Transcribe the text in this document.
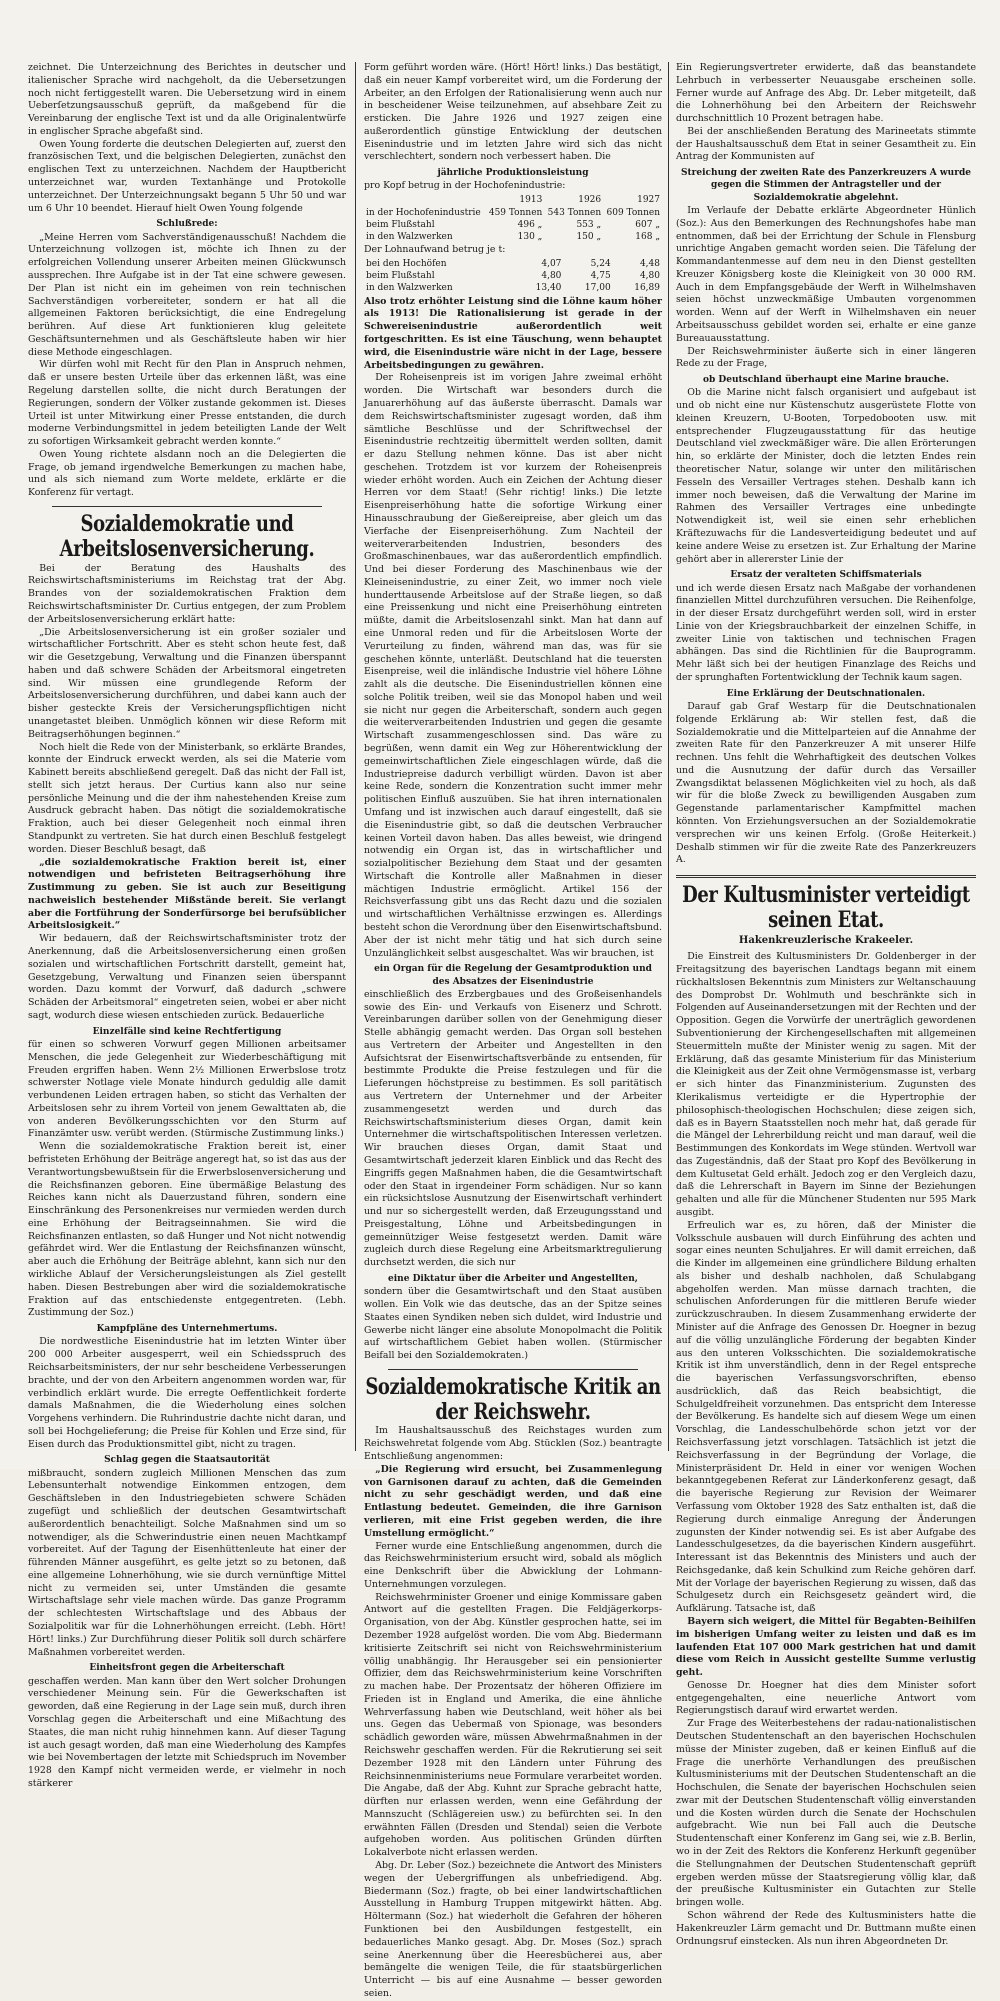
zeichnet. Die Unterzeichnung des Berichtes in deutscher und italienischer Sprache wird nachgeholt, da die Uebersetzungen noch nicht fertiggestellt waren. Die Uebersetzung wird in einem Ueberſetzungsausschuß geprüft, da maßgebend für die Vereinbarung der englische Text ist und da alle Originalentwürfe in englischer Sprache abgefaßt sind.

Owen Young forderte die deutschen Delegierten auf, zuerst den französischen Text, und die belgischen Delegierten, zunächst den englischen Text zu unterzeichnen. Nachdem der Hauptbericht unterzeichnet war, wurden Textanhänge und Protokolle unterzeichnet. Der Unterzeichnungsakt begann 5 Uhr 50 und war um 6 Uhr 10 beendet. Hierauf hielt Owen Young folgende

Schlußrede:

„Meine Herren vom Sachverständigenausschuß! Nachdem die Unterzeichnung vollzogen ist, möchte ich Ihnen zu der erfolgreichen Vollendung unserer Arbeiten meinen Glückwunsch aussprechen. Ihre Aufgabe ist in der Tat eine schwere gewesen. Der Plan ist nicht ein im geheimen von rein technischen Sachverständigen vorbereiteter, sondern er hat all die allgemeinen Faktoren berücksichtigt, die eine Endregelung berühren. Auf diese Art funktionieren klug geleitete Geschäftsunternehmen und als Geschäftsleute haben wir hier diese Methode eingeschlagen.

Wir dürfen wohl mit Recht für den Plan in Anspruch nehmen, daß er unsere besten Urteile über das erkennen läßt, was eine Regelung darstellen sollte, die nicht durch Beratungen der Regierungen, sondern der Völker zustande gekommen ist. Dieses Urteil ist unter Mitwirkung einer Presse entstanden, die durch moderne Verbindungsmittel in jedem beteiligten Lande der Welt zu sofortigen Wirksamkeit gebracht werden konnte.“

Owen Young richtete alsdann noch an die Delegierten die Frage, ob jemand irgendwelche Bemerkungen zu machen habe, und als sich niemand zum Worte meldete, erklärte er die Konferenz für vertagt.

Sozialdemokratie und Arbeitslosenversicherung.

Bei der Beratung des Haushalts des Reichswirtschaftsministeriums im Reichstag trat der Abg. Brandes von der sozialdemokratischen Fraktion dem Reichswirtschaftsminister Dr. Curtius entgegen, der zum Problem der Arbeitslosenversicherung erklärt hatte:

„Die Arbeitslosenversicherung ist ein großer sozialer und wirtschaftlicher Fortschritt. Aber es steht schon heute fest, daß wir die Gesetzgebung, Verwaltung und die Finanzen überspannt haben und daß schwere Schäden der Arbeitsmoral eingetreten sind. Wir müssen eine grundlegende Reform der Arbeitslosenversicherung durchführen, und dabei kann auch der bisher gesteckte Kreis der Versicherungspflichtigen nicht unangetastet bleiben. Unmöglich können wir diese Reform mit Beitragserhöhungen beginnen.“

Noch hielt die Rede von der Ministerbank, so erklärte Brandes, konnte der Eindruck erweckt werden, als sei die Materie vom Kabinett bereits abschließend geregelt. Daß das nicht der Fall ist, stellt sich jetzt heraus. Der Curtius kann also nur seine persönliche Meinung und die der ihm nahestehenden Kreise zum Ausdruck gebracht haben. Das nötigt die sozialdemokratische Fraktion, auch bei dieser Gelegenheit noch einmal ihren Standpunkt zu vertreten. Sie hat durch einen Beschluß festgelegt worden. Dieser Beschluß besagt, daß

„die sozialdemokratische Fraktion bereit ist, einer notwendigen und befristeten Beitragserhöhung ihre Zustimmung zu geben. Sie ist auch zur Beseitigung nachweislich bestehender Mißstände bereit. Sie verlangt aber die Fortführung der Sonderfürsorge bei berufsüblicher Arbeitslosigkeit.“

Wir bedauern, daß der Reichswirtschaftsminister trotz der Anerkennung, daß die Arbeitslosenversicherung einen großen sozialen und wirtschaftlichen Fortschritt darstellt, gemeint hat, Gesetzgebung, Verwaltung und Finanzen seien überspannt worden. Dazu kommt der Vorwurf, daß dadurch „schwere Schäden der Arbeitsmoral“ eingetreten seien, wobei er aber nicht sagt, wodurch diese wiesen entschieden zurück. Bedauerliche

Einzelfälle sind keine Rechtfertigung

für einen so schweren Vorwurf gegen Millionen arbeitsamer Menschen, die jede Gelegenheit zur Wiederbeschäftigung mit Freuden ergriffen haben. Wenn 2½ Millionen Erwerbslose trotz schwerster Notlage viele Monate hindurch geduldig alle damit verbundenen Leiden ertragen haben, so sticht das Verhalten der Arbeitslosen sehr zu ihrem Vorteil von jenem Gewalttaten ab, die von anderen Bevölkerungsschichten vor den Sturm auf Finanzämter usw. verübt werden. (Stürmische Zustimmung links.)

Wenn die sozialdemokratische Fraktion bereit ist, einer befristeten Erhöhung der Beiträge angeregt hat, so ist das aus der Verantwortungsbewußtsein für die Erwerbslosenversicherung und die Reichsfinanzen geboren. Eine übermäßige Belastung des Reiches kann nicht als Dauerzustand führen, sondern eine Einschränkung des Personenkreises nur vermieden werden durch eine Erhöhung der Beitragseinnahmen. Sie wird die Reichsfinanzen entlasten, so daß Hunger und Not nicht notwendig gefährdet wird. Wer die Entlastung der Reichsfinanzen wünscht, aber auch die Erhöhung der Beiträge ablehnt, kann sich nur den wirkliche Ablauf der Versicherungsleistungen als Ziel gestellt haben. Diesen Bestrebungen aber wird die sozialdemokratische Fraktion auf das entschiedenste entgegentreten. (Lebh. Zustimmung der Soz.)

Kampfpläne des Unternehmertums.

Die nordwestliche Eisenindustrie hat im letzten Winter über 200 000 Arbeiter ausgesperrt, weil ein Schiedsspruch des Reichsarbeitsministers, der nur sehr bescheidene Verbesserungen brachte, und der von den Arbeitern angenommen worden war, für verbindlich erklärt wurde. Die erregte Oeffentlichkeit forderte damals Maßnahmen, die die Wiederholung eines solchen Vorgehens verhindern. Die Ruhrindustrie dachte nicht daran, und soll bei Hochgelieferung; die Preise für Kohlen und Erze sind, für Eisen durch das Produktionsmittel gibt, nicht zu tragen.

Schlag gegen die Staatsautorität

mißbraucht, sondern zugleich Millionen Menschen das zum Lebensunterhalt notwendige Einkommen entzogen, dem Geschäftsleben in den Industriegebieten schwere Schäden zugefügt und schließlich der deutschen Gesamtwirtschaft außerordentlich benachteiligt. Solche Maßnahmen sind um so notwendiger, als die Schwerindustrie einen neuen Machtkampf vorbereitet. Auf der Tagung der Eisenhüttenleute hat einer der führenden Männer ausgeführt, es gelte jetzt so zu betonen, daß eine allgemeine Lohnerhöhung, wie sie durch vernünftige Mittel nicht zu vermeiden sei, unter Umständen die gesamte Wirtschaftslage sehr viele machen würde. Das ganze Programm der schlechtesten Wirtschaftslage und des Abbaus der Sozialpolitik war für die Lohnerhöhungen erreicht. (Lebh. Hört! Hört! links.) Zur Durchführung dieser Politik soll durch schärfere Maßnahmen vorbereitet werden.

Einheitsfront gegen die Arbeiterschaft

geschaffen werden. Man kann über den Wert solcher Drohungen verschiedener Meinung sein. Für die Gewerkschaften ist geworden, daß eine Regierung in der Lage sein muß, durch ihren Vorschlag gegen die Arbeiterschaft und eine Mißachtung des Staates, die man nicht ruhig hinnehmen kann. Auf dieser Tagung ist auch gesagt worden, daß man eine Wiederholung des Kampfes wie bei Novembertagen der letzte mit Schiedspruch im November 1928 den Kampf nicht vermeiden werde, er vielmehr in noch stärkerer

Form geführt worden wäre. (Hört! Hört! links.) Das bestätigt, daß ein neuer Kampf vorbereitet wird, um die Forderung der Arbeiter, an den Erfolgen der Rationalisierung wenn auch nur in bescheidener Weise teilzunehmen, auf absehbare Zeit zu ersticken. Die Jahre 1926 und 1927 zeigen eine außerordentlich günstige Entwicklung der deutschen Eisenindustrie und im letzten Jahre wird sich das nicht verschlechtert, sondern noch verbessert haben. Die

jährliche Produktionsleistung

pro Kopf betrug in der Hochofenindustrie:

	1913	1926	1927
in der Hochofenindustrie	459 Tonnen	543 Tonnen	609 Tonnen
beim Flußstahl	496 „	553 „	607 „
in den Walzwerken	130 „	150 „	168 „

Der Lohnaufwand betrug je t:

bei den Hochöfen	4,07	5,24	4,48
beim Flußstahl	4,80	4,75	4,80
in den Walzwerken	13,40	17,00	16,89

Also trotz erhöhter Leistung sind die Löhne kaum höher als 1913! Die Rationalisierung ist gerade in der Schwereisenindustrie außerordentlich weit fortgeschritten. Es ist eine Täuschung, wenn behauptet wird, die Eisenindustrie wäre nicht in der Lage, bessere Arbeitsbedingungen zu gewähren.

Der Roheisenpreis ist im vorigen Jahre zweimal erhöht worden. Die Wirtschaft war besonders durch die Januarerhöhung auf das äußerste überrascht. Damals war dem Reichswirtschaftsminister zugesagt worden, daß ihm sämtliche Beschlüsse und der Schriftwechsel der Eisenindustrie rechtzeitig übermittelt werden sollten, damit er dazu Stellung nehmen könne. Das ist aber nicht geschehen. Trotzdem ist vor kurzem der Roheisenpreis wieder erhöht worden. Auch ein Zeichen der Achtung dieser Herren vor dem Staat! (Sehr richtig! links.) Die letzte Eisenpreiserhöhung hatte die sofortige Wirkung einer Hinausschraubung der Gießereipreise, aber gleich um das Vierfache der Eisenpreiserhöhung. Zum Nachteil der weiterverarbeitenden Industrien, besonders des Großmaschinenbaues, war das außerordentlich empfindlich. Und bei dieser Forderung des Maschinenbaus wie der Kleineisenindustrie, zu einer Zeit, wo immer noch viele hunderttausende Arbeitslose auf der Straße liegen, so daß eine Preissenkung und nicht eine Preiserhöhung eintreten müßte, damit die Arbeitslosenzahl sinkt. Man hat dann auf eine Unmoral reden und für die Arbeitslosen Worte der Verurteilung zu finden, während man das, was für sie geschehen könnte, unterläßt. Deutschland hat die teuersten Eisenpreise, weil die inländische Industrie viel höhere Löhne zahlt als die deutsche. Die Eisenindustriellen können eine solche Politik treiben, weil sie das Monopol haben und weil sie nicht nur gegen die Arbeiterschaft, sondern auch gegen die weiterverarbeitenden Industrien und gegen die gesamte Wirtschaft zusammengeschlossen sind. Das wäre zu begrüßen, wenn damit ein Weg zur Höherentwicklung der gemeinwirtschaftlichen Ziele eingeschlagen würde, daß die Industriepreise dadurch verbilligt würden. Davon ist aber keine Rede, sondern die Konzentration sucht immer mehr politischen Einfluß auszuüben. Sie hat ihren internationalen Umfang und ist inzwischen auch darauf eingestellt, daß sie die Eisenindustrie gibt, so daß die deutschen Verbraucher keinen Vorteil davon haben. Das alles beweist, wie dringend notwendig ein Organ ist, das in wirtschaftlicher und sozialpolitischer Beziehung dem Staat und der gesamten Wirtschaft die Kontrolle aller Maßnahmen in dieser mächtigen Industrie ermöglicht. Artikel 156 der Reichsverfassung gibt uns das Recht dazu und die sozialen und wirtschaftlichen Verhältnisse erzwingen es. Allerdings besteht schon die Verordnung über den Eisenwirtschaftsbund. Aber der ist nicht mehr tätig und hat sich durch seine Unzulänglichkeit selbst ausgeschaltet. Was wir brauchen, ist

ein Organ für die Regelung der Gesamtproduktion und des Absatzes der Eisenindustrie

einschließlich des Erzbergbaues und des Großeisenhandels sowie des Ein- und Verkaufs von Eisenerz und Schrott. Vereinbarungen darüber sollen von der Genehmigung dieser Stelle abhängig gemacht werden. Das Organ soll bestehen aus Vertretern der Arbeiter und Angestellten in den Aufsichtsrat der Eisenwirtschaftsverbände zu entsenden, für bestimmte Produkte die Preise festzulegen und für die Lieferungen höchstpreise zu bestimmen. Es soll paritätisch aus Vertretern der Unternehmer und der Arbeiter zusammengesetzt werden und durch das Reichswirtschaftsministerium dieses Organ, damit kein Unternehmer die wirtschaftspolitischen Interessen verletzen. Wir brauchen dieses Organ, damit Staat und Gesamtwirtschaft jederzeit klaren Einblick und das Recht des Eingriffs gegen Maßnahmen haben, die die Gesamtwirtschaft oder den Staat in irgendeiner Form schädigen. Nur so kann ein rücksichtslose Ausnutzung der Eisenwirtschaft verhindert und nur so sichergestellt werden, daß Erzeugungsstand und Preisgestaltung, Löhne und Arbeitsbedingungen in gemeinnütziger Weise festgesetzt werden. Damit wäre zugleich durch diese Regelung eine Arbeitsmarktregulierung durchsetzt werden, die sich nur

eine Diktatur über die Arbeiter und Angestellten,

sondern über die Gesamtwirtschaft und den Staat ausüben wollen. Ein Volk wie das deutsche, das an der Spitze seines Staates einen Syndiken neben sich duldet, wird Industrie und Gewerbe nicht länger eine absolute Monopolmacht die Politik auf wirtschaftlichem Gebiet haben wollen. (Stürmischer Beifall bei den Sozialdemokraten.)

Sozialdemokratische Kritik an der Reichswehr.

Im Haushaltsausschuß des Reichstages wurden zum Reichswehretat folgende vom Abg. Stücklen (Soz.) beantragte Entschließung angenommen:

„Die Regierung wird ersucht, bei Zusammenlegung von Garnisonen darauf zu achten, daß die Gemeinden nicht zu sehr geschädigt werden, und daß eine Entlastung bedeutet. Gemeinden, die ihre Garnison verlieren, mit eine Frist gegeben werden, die ihre Umstellung ermöglicht.“

Ferner wurde eine Entschließung angenommen, durch die das Reichswehrministerium ersucht wird, sobald als möglich eine Denkschrift über die Abwicklung der Lohmann-Unternehmungen vorzulegen.

Reichswehrminister Groener und einige Kommissare gaben Antwort auf die gestellten Fragen. Die Feldjägerkorps-Organisation, von der Abg. Künstler gesprochen hatte, sei im Dezember 1928 aufgelöst worden. Die vom Abg. Biedermann kritisierte Zeitschrift sei nicht von Reichswehrministerium völlig unabhängig. Ihr Herausgeber sei ein pensionierter Offizier, dem das Reichswehrministerium keine Vorschriften zu machen habe. Der Prozentsatz der höheren Offiziere im Frieden ist in England und Amerika, die eine ähnliche Wehrverfassung haben wie Deutschland, weit höher als bei uns. Gegen das Uebermaß von Spionage, was besonders schädlich geworden wäre, müssen Abwehrmaßnahmen in der Reichswehr geschaffen werden. Für die Rekrutierung sei seit Dezember 1928 mit den Ländern unter Führung des Reichsinnenministeriums neue Formulare verarbeitet worden. Die Angabe, daß der Abg. Kuhnt zur Sprache gebracht hatte, dürften nur erlassen werden, wenn eine Gefährdung der Mannszucht (Schlägereien usw.) zu befürchten sei. In den erwähnten Fällen (Dresden und Stendal) seien die Verbote aufgehoben worden. Aus politischen Gründen dürften Lokalverbote nicht erlassen werden.

Abg. Dr. Leber (Soz.) bezeichnete die Antwort des Ministers wegen der Uebergriffungen als unbefriedigend. Abg. Biedermann (Soz.) fragte, ob bei einer landwirtschaftlichen Ausstellung in Hamburg Truppen mitgewirkt hätten. Abg. Höltermann (Soz.) hat wiederholt die Gefahren der höheren Funktionen bei den Ausbildungen festgestellt, ein bedauerliches Manko gesagt. Abg. Dr. Moses (Soz.) sprach seine Anerkennung über die Heeresbücherei aus, aber bemängelte die wenigen Teile, die für staatsbürgerlichen Unterricht — bis auf eine Ausnahme — besser geworden seien.

Ein Regierungsvertreter erwiderte, daß das beanstandete Lehrbuch in verbesserter Neuausgabe erscheinen solle. Ferner wurde auf Anfrage des Abg. Dr. Leber mitgeteilt, daß die Lohnerhöhung bei den Arbeitern der Reichswehr durchschnittlich 10 Prozent betragen habe.

Bei der anschließenden Beratung des Marineetats stimmte der Haushaltsausschuß dem Etat in seiner Gesamtheit zu. Ein Antrag der Kommunisten auf

Streichung der zweiten Rate des Panzerkreuzers A wurde gegen die Stimmen der Antragsteller und der Sozialdemokratie abgelehnt.

Im Verlaufe der Debatte erklärte Abgeordneter Hünlich (Soz.): Aus den Bemerkungen des Rechnungshofes habe man entnommen, daß bei der Errichtung der Schule in Flensburg unrichtige Angaben gemacht worden seien. Die Täfelung der Kommandantenmesse auf dem neu in den Dienst gestellten Kreuzer Königsberg koste die Kleinigkeit von 30 000 RM. Auch in dem Empfangsgebäude der Werft in Wilhelmshaven seien höchst unzweckmäßige Umbauten vorgenommen worden. Wenn auf der Werft in Wilhelmshaven ein neuer Arbeitsausschuss gebildet worden sei, erhalte er eine ganze Bureauausstattung.

Der Reichswehrminister äußerte sich in einer längeren Rede zu der Frage,

ob Deutschland überhaupt eine Marine brauche.

Ob die Marine nicht falsch organisiert und aufgebaut ist und ob nicht eine nur Küstenschutz ausgerüstete Flotte von kleinen Kreuzern, U-Booten, Torpedobooten usw. mit entsprechender Flugzeugausstattung für das heutige Deutschland viel zweckmäßiger wäre. Die allen Erörterungen hin, so erklärte der Minister, doch die letzten Endes rein theoretischer Natur, solange wir unter den militärischen Fesseln des Versailler Vertrages stehen. Deshalb kann ich immer noch beweisen, daß die Verwaltung der Marine im Rahmen des Versailler Vertrages eine unbedingte Notwendigkeit ist, weil sie einen sehr erheblichen Kräftezuwachs für die Landesverteidigung bedeutet und auf keine andere Weise zu ersetzen ist. Zur Erhaltung der Marine gehört aber in allererster Linie der

Ersatz der veralteten Schiffsmaterials

und ich werde diesen Ersatz nach Maßgabe der vorhandenen finanziellen Mittel durchzuführen versuchen. Die Reihenfolge, in der dieser Ersatz durchgeführt werden soll, wird in erster Linie von der Kriegsbrauchbarkeit der einzelnen Schiffe, in zweiter Linie von taktischen und technischen Fragen abhängen. Das sind die Richtlinien für die Bauprogramm. Mehr läßt sich bei der heutigen Finanzlage des Reichs und der sprunghaften Fortentwicklung der Technik kaum sagen.

Eine Erklärung der Deutschnationalen.

Darauf gab Graf Westarp für die Deutschnationalen folgende Erklärung ab: Wir stellen fest, daß die Sozialdemokratie und die Mittelparteien auf die Annahme der zweiten Rate für den Panzerkreuzer A mit unserer Hilfe rechnen. Uns fehlt die Wehrhaftigkeit des deutschen Volkes und die Ausnutzung der dafür durch das Versailler Zwangsdiktat belassenen Möglichkeiten viel zu hoch, als daß wir für die bloße Zweck zu bewilligenden Ausgaben zum Gegenstande parlamentarischer Kampfmittel machen könnten. Von Erziehungsversuchen an der Sozialdemokratie versprechen wir uns keinen Erfolg. (Große Heiterkeit.) Deshalb stimmen wir für die zweite Rate des Panzerkreuzers A.

Der Kultusminister verteidigt seinen Etat.
Hakenkreuzlerische Krakeeler.

Die Einstreit des Kultusministers Dr. Goldenberger in der Freitagsitzung des bayerischen Landtags begann mit einem rückhaltslosen Bekenntnis zum Ministers zur Weltanschauung des Domprobst Dr. Wohlmuth und beschränkte sich in Folgenden auf Auseinandersetzungen mit der Rechten und der Opposition. Gegen die Vorwürfe der unerträglich gewordenen Subventionierung der Kirchengesellschaften mit allgemeinen Steuermitteln mußte der Minister wenig zu sagen. Mit der Erklärung, daß das gesamte Ministerium für das Ministerium die Kleinigkeit aus der Zeit ohne Vermögensmasse ist, verbarg er sich hinter das Finanzministerium. Zugunsten des Klerikalismus verteidigte er die Hypertrophie der philosophisch-theologischen Hochschulen; diese zeigen sich, daß es in Bayern Staatsstellen noch mehr hat, daß gerade für die Mängel der Lehrerbildung reicht und man darauf, weil die Bestimmungen des Konkordats im Wege stünden. Wertvoll war das Zugeständnis, daß der Staat pro Kopf des Bevölkerung in dem Kultusetat Geld erhält. Jedoch zog er den Vergleich dazu, daß die Lehrerschaft in Bayern im Sinne der Beziehungen gehalten und alle für die Münchener Studenten nur 595 Mark ausgibt.

Erfreulich war es, zu hören, daß der Minister die Volksschule ausbauen will durch Einführung des achten und sogar eines neunten Schuljahres. Er will damit erreichen, daß die Kinder im allgemeinen eine gründlichere Bildung erhalten als bisher und deshalb nachholen, daß Schulabgang abgeholfen werden. Man müsse darnach trachten, die schulischen Anforderungen für die mittleren Berufe wieder zurückzuschrauben. In diesem Zusammenhang erwiderte der Minister auf die Anfrage des Genossen Dr. Hoegner in bezug auf die völlig unzulängliche Förderung der begabten Kinder aus den unteren Volksschichten. Die sozialdemokratische Kritik ist ihm unverständlich, denn in der Regel entspreche die bayerischen Verfassungsvorschriften, ebenso ausdrücklich, daß das Reich beabsichtigt, die Schulgeldfreiheit vorzunehmen. Das entspricht dem Interesse der Bevölkerung. Es handelte sich auf diesem Wege um einen Vorschlag, die Landesschulbehörde schon jetzt vor der Reichsverfassung jetzt vorschlagen. Tatsächlich ist jetzt die Reichsverfassung in der Begründung der Vorlage, die Ministerpräsident Dr. Held in einer vor wenigen Wochen bekanntgegebenen Referat zur Länderkonferenz gesagt, daß die bayerische Regierung zur Revision der Weimarer Verfassung vom Oktober 1928 des Satz enthalten ist, daß die Regierung durch einmalige Anregung der Änderungen zugunsten der Kinder notwendig sei. Es ist aber Aufgabe des Landesschulgesetzes, da die bayerischen Kindern ausgeführt. Interessant ist das Bekenntnis des Ministers und auch der Reichsgedanke, daß kein Schulkind zum Reiche gehören darf. Mit der Vorlage der bayerischen Regierung zu wissen, daß das Schulgesetz durch ein Reichsgesetz geändert wird, die Aufklärung. Tatsache ist, daß

Bayern sich weigert, die Mittel für Begabten-Beihilfen im bisherigen Umfang weiter zu leisten und daß es im laufenden Etat 107 000 Mark gestrichen hat und damit diese vom Reich in Aussicht gestellte Summe verlustig geht.

Genosse Dr. Hoegner hat dies dem Minister sofort entgegengehalten, eine neuerliche Antwort vom Regierungstisch darauf wird erwartet werden.

Zur Frage des Weiterbestehens der radau-nationalistischen Deutschen Studentenschaft an den bayerischen Hochschulen müsse der Minister zugeben, daß er keinen Einfluß auf die Frage die unerhörte Verhandlungen des preußischen Kultusministeriums mit der Deutschen Studentenschaft an die Hochschulen, die Senate der bayerischen Hochschulen seien zwar mit der Deutschen Studentenschaft völlig einverstanden und die Kosten würden durch die Senate der Hochschulen aufgebracht. Wie nun bei Fall auch die Deutsche Studentenschaft einer Konferenz im Gang sei, wie z.B. Berlin, wo in der Zeit des Rektors die Konferenz Herkunft gegenüber die Stellungnahmen der Deutschen Studentenschaft geprüft ergeben werden müsse der Staatsregierung völlig klar, daß der preußische Kultusminister ein Gutachten zur Stelle bringen wolle.

Schon während der Rede des Kultusministers hatte die Hakenkreuzler Lärm gemacht und Dr. Buttmann mußte einen Ordnungsruf einstecken. Als nun ihren Abgeordneten Dr.
